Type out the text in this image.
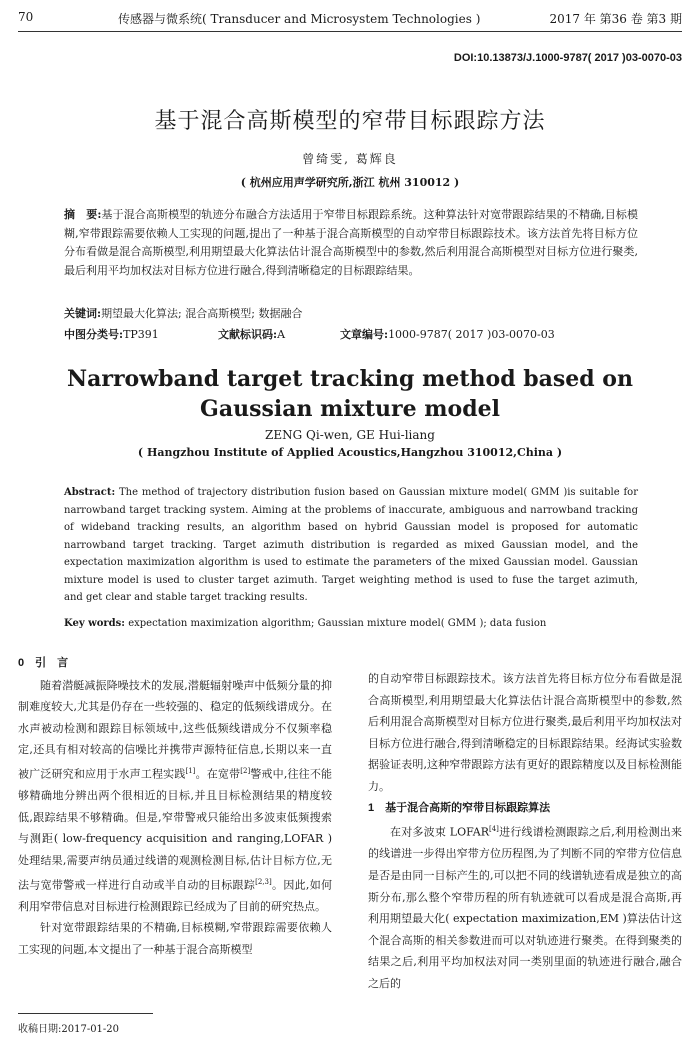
70	传感器与微系统( Transducer and Microsystem Technologies )	2017 年 第36 卷 第3 期
DOI:10.13873/J.1000-9787( 2017 )03-0070-03
基于混合高斯模型的窄带目标跟踪方法
曾绮雯, 葛辉良
( 杭州应用声学研究所,浙江 杭州 310012 )
摘　要:基于混合高斯模型的轨迹分布融合方法适用于窄带目标跟踪系统。这种算法针对宽带跟踪结果的不精确,目标模糊,窄带跟踪需要依赖人工实现的问题,提出了一种基于混合高斯模型的自动窄带目标跟踪技术。该方法首先将目标方位分布看做是混合高斯模型,利用期望最大化算法估计混合高斯模型中的参数,然后利用混合高斯模型对目标方位进行聚类,最后利用平均加权法对目标方位进行融合,得到清晰稳定的目标跟踪结果。
关键词:期望最大化算法; 混合高斯模型; 数据融合
中图分类号:TP391	文献标识码:A	文章编号:1000-9787( 2017 )03-0070-03
Narrowband target tracking method based on
Gaussian mixture model
ZENG Qi-wen, GE Hui-liang
( Hangzhou Institute of Applied Acoustics,Hangzhou 310012,China )
Abstract: The method of trajectory distribution fusion based on Gaussian mixture model( GMM )is suitable for narrowband target tracking system. Aiming at the problems of inaccurate, ambiguous and narrowband tracking of wideband tracking results, an algorithm based on hybrid Gaussian model is proposed for automatic narrowband target tracking. Target azimuth distribution is regarded as mixed Gaussian model, and the expectation maximization algorithm is used to estimate the parameters of the mixed Gaussian model. Gaussian mixture model is used to cluster target azimuth. Target weighting method is used to fuse the target azimuth, and get clear and stable target tracking results.
Key words: expectation maximization algorithm; Gaussian mixture model( GMM ); data fusion

0　引　言

随着潜艇减振降噪技术的发展,潜艇辐射噪声中低频分量的抑制难度较大,尤其是仍存在一些较强的、稳定的低频线谱成分。在水声被动检测和跟踪目标领域中,这些低频线谱成分不仅频率稳定,还具有相对较高的信噪比并携带声源特征信息,长期以来一直被广泛研究和应用于水声工程实践[1]。在宽带[2]警戒中,往往不能够精确地分辨出两个很相近的目标,并且目标检测结果的精度较低,跟踪结果不够精确。但是,窄带警戒只能给出多波束低频搜索与测距( low-frequency acquisition and ranging,LOFAR )处理结果,需要声纳员通过线谱的观测检测目标,估计目标方位,无法与宽带警戒一样进行自动或半自动的目标跟踪[2,3]。因此,如何利用窄带信息对目标进行检测跟踪已经成为了目前的研究热点。

针对宽带跟踪结果的不精确,目标模糊,窄带跟踪需要依赖人工实现的问题,本文提出了一种基于混合高斯模型

的自动窄带目标跟踪技术。该方法首先将目标方位分布看做是混合高斯模型,利用期望最大化算法估计混合高斯模型中的参数,然后利用混合高斯模型对目标方位进行聚类,最后利用平均加权法对目标方位进行融合,得到清晰稳定的目标跟踪结果。经海试实验数据验证表明,这种窄带跟踪方法有更好的跟踪精度以及目标检测能力。

1　基于混合高斯的窄带目标跟踪算法

在对多波束 LOFAR[4]进行线谱检测跟踪之后,利用检测出来的线谱进一步得出窄带方位历程图,为了判断不同的窄带方位信息是否是由同一目标产生的,可以把不同的线谱轨迹看成是独立的高斯分布,那么整个窄带历程的所有轨迹就可以看成是混合高斯,再利用期望最大化( expectation maximization,EM )算法估计这个混合高斯的相关参数进而可以对轨迹进行聚类。在得到聚类的结果之后,利用平均加权法对同一类别里面的轨迹进行融合,融合之后的

收稿日期:2017-01-20
